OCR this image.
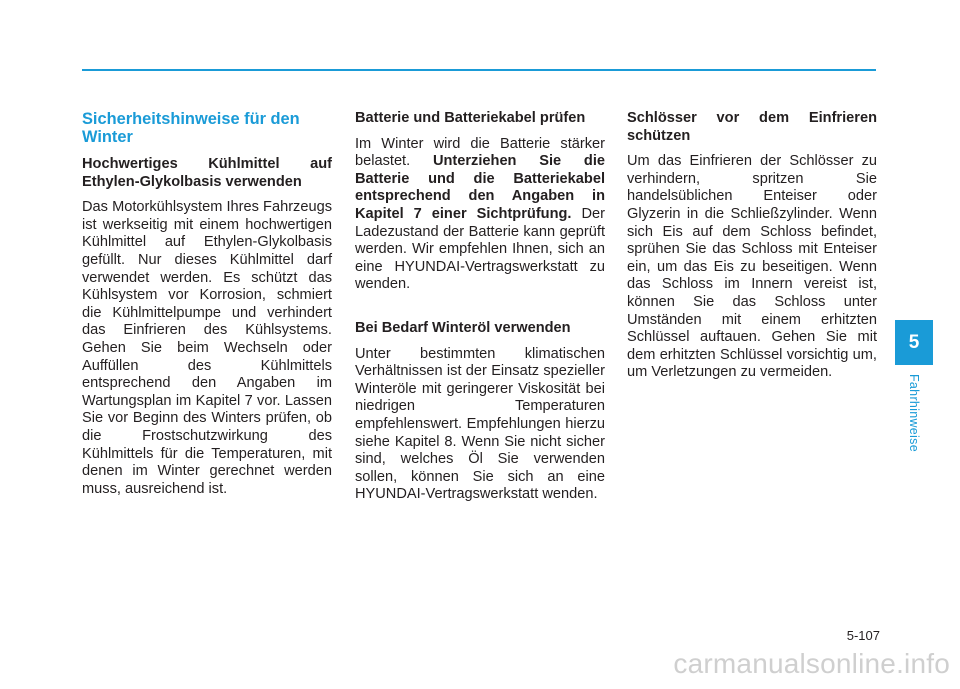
Sicherheitshinweise für den Winter

Hochwertiges Kühlmittel auf Ethylen-Glykolbasis verwenden

Das Motorkühlsystem Ihres Fahrzeugs ist werkseitig mit einem hochwertigen Kühlmittel auf Ethylen-Glykolbasis gefüllt. Nur dieses Kühlmittel darf verwendet werden. Es schützt das Kühlsystem vor Korrosion, schmiert die Kühlmittelpumpe und verhindert das Einfrieren des Kühlsystems. Gehen Sie beim Wechseln oder Auffüllen des Kühlmittels entsprechend den Angaben im Wartungsplan im Kapitel 7 vor. Lassen Sie vor Beginn des Winters prüfen, ob die Frostschutzwirkung des Kühlmittels für die Temperaturen, mit denen im Winter gerechnet werden muss, ausreichend ist.

Batterie und Batteriekabel prüfen

Im Winter wird die Batterie stärker belastet. Unterziehen Sie die Batterie und die Batteriekabel entsprechend den Angaben in Kapitel 7 einer Sichtprüfung. Der Ladezustand der Batterie kann geprüft werden. Wir empfehlen Ihnen, sich an eine HYUNDAI-Vertragswerkstatt zu wenden.

Bei Bedarf Winteröl verwenden

Unter bestimmten klimatischen Verhältnissen ist der Einsatz spezieller Winteröle mit geringerer Viskosität bei niedrigen Temperaturen empfehlenswert. Empfehlungen hierzu siehe Kapitel 8. Wenn Sie nicht sicher sind, welches Öl Sie verwenden sollen, können Sie sich an eine HYUNDAI-Vertragswerkstatt wenden.

Schlösser vor dem Einfrieren schützen

Um das Einfrieren der Schlösser zu verhindern, spritzen Sie handelsüblichen Enteiser oder Glyzerin in die Schließzylinder. Wenn sich Eis auf dem Schloss befindet, sprühen Sie das Schloss mit Enteiser ein, um das Eis zu beseitigen. Wenn das Schloss im Innern vereist ist, können Sie das Schloss unter Umständen mit einem erhitzten Schlüssel auftauen. Gehen Sie mit dem erhitzten Schlüssel vorsichtig um, um Verletzungen zu vermeiden.

5
Fahrhinweise
5-107
carmanualsonline.info
